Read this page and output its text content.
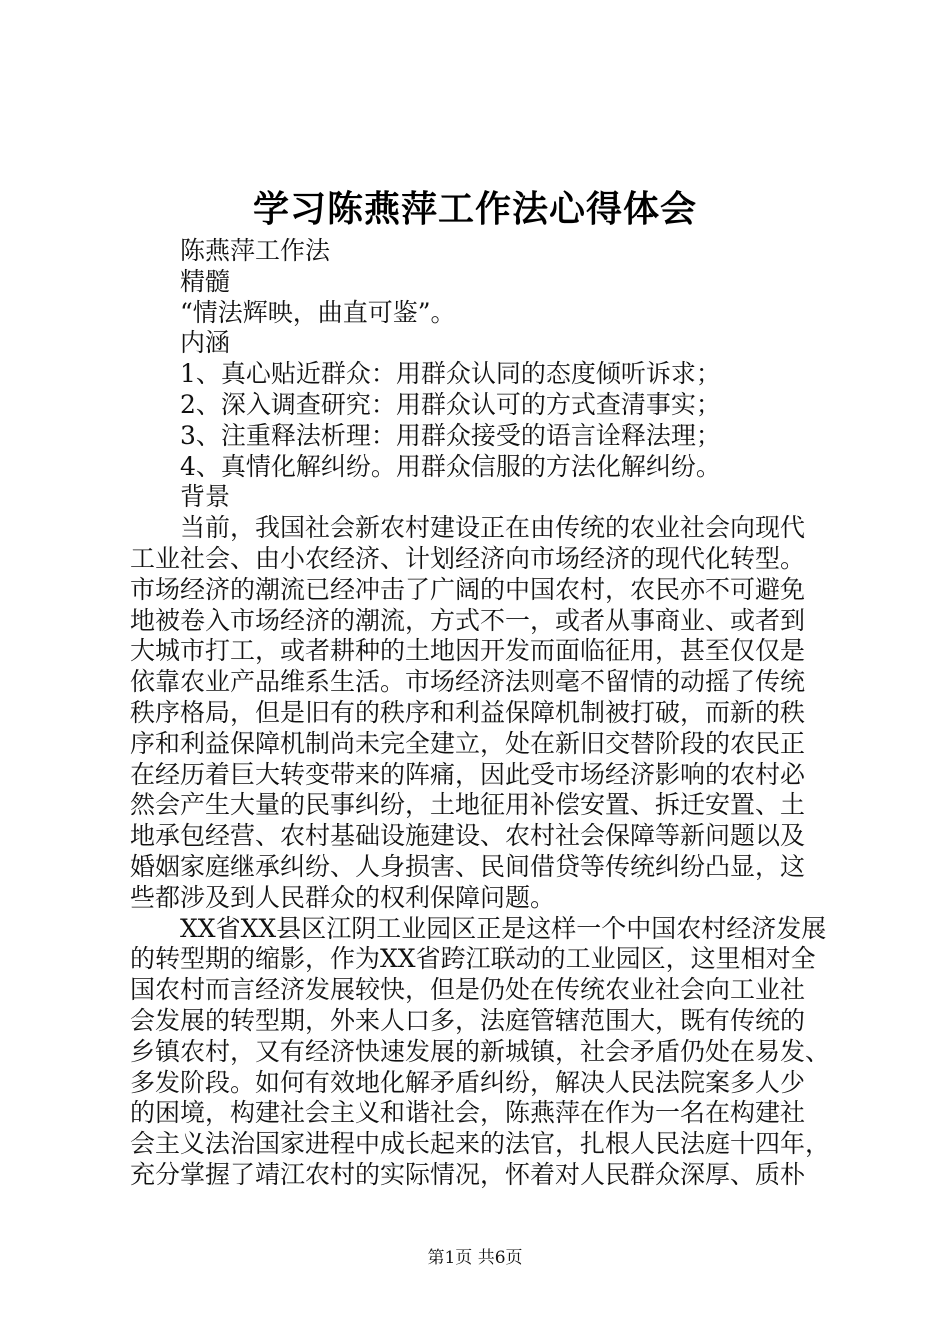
学习陈燕萍工作法心得体会
陈燕萍工作法
精髓
“情法辉映，曲直可鉴”。
内涵
1、真心贴近群众：用群众认同的态度倾听诉求；
2、深入调查研究：用群众认可的方式查清事实；
3、注重释法析理：用群众接受的语言诠释法理；
4、真情化解纠纷。用群众信服的方法化解纠纷。
背景
当前，我国社会新农村建设正在由传统的农业社会向现代
工业社会、由小农经济、计划经济向市场经济的现代化转型。
市场经济的潮流已经冲击了广阔的中国农村，农民亦不可避免
地被卷入市场经济的潮流，方式不一，或者从事商业、或者到
大城市打工，或者耕种的土地因开发而面临征用，甚至仅仅是
依靠农业产品维系生活。市场经济法则毫不留情的动摇了传统
秩序格局，但是旧有的秩序和利益保障机制被打破，而新的秩
序和利益保障机制尚未完全建立，处在新旧交替阶段的农民正
在经历着巨大转变带来的阵痛，因此受市场经济影响的农村必
然会产生大量的民事纠纷，土地征用补偿安置、拆迁安置、土
地承包经营、农村基础设施建设、农村社会保障等新问题以及
婚姻家庭继承纠纷、人身损害、民间借贷等传统纠纷凸显，这
些都涉及到人民群众的权利保障问题。
XX省XX县区江阴工业园区正是这样一个中国农村经济发展
的转型期的缩影，作为XX省跨江联动的工业园区，这里相对全
国农村而言经济发展较快，但是仍处在传统农业社会向工业社
会发展的转型期，外来人口多，法庭管辖范围大，既有传统的
乡镇农村，又有经济快速发展的新城镇，社会矛盾仍处在易发、
多发阶段。如何有效地化解矛盾纠纷，解决人民法院案多人少
的困境，构建社会主义和谐社会，陈燕萍在作为一名在构建社
会主义法治国家进程中成长起来的法官，扎根人民法庭十四年，
充分掌握了靖江农村的实际情况，怀着对人民群众深厚、质朴
第1页 共6页
